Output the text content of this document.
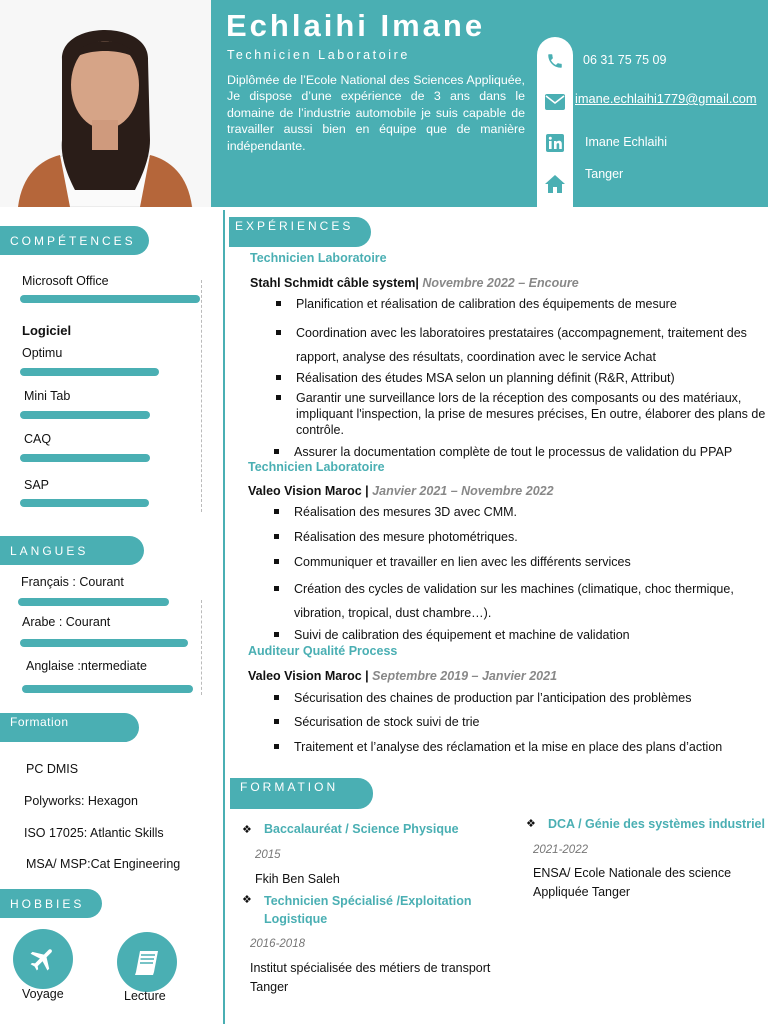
Echlaihi Imane
Technicien Laboratoire
Diplômée de l’Ecole National des Sciences Appliquée, Je dispose d’une expérience de 3 ans dans le domaine de l’industrie automobile je suis capable de travailler aussi bien en équipe que de manière indépendante.
06 31 75 75 09
imane.echlaihi1779@gmail.com
Imane Echlaihi
Tanger
COMPÉTENCES
Microsoft Office
Logiciel
Optimu
Mini Tab
CAQ
SAP
LANGUES
Français : Courant
Arabe : Courant
Anglaise :ntermediate
Formation
PC DMIS
Polyworks: Hexagon
ISO 17025: Atlantic Skills
MSA/ MSP:Cat Engineering
HOBBIES
Voyage	Lecture
EXPÉRIENCES
Technicien Laboratoire
Stahl Schmidt câble system| Novembre 2022 – Encoure
Planification et réalisation de calibration des équipements de mesure
Coordination avec les laboratoires prestataires (accompagnement, traitement des rapport, analyse des résultats, coordination avec le service Achat
Réalisation des études MSA selon un planning définit (R&R, Attribut)
Garantir une surveillance lors de la réception des composants ou des matériaux, impliquant l'inspection, la prise de mesures précises, En outre, élaborer des plans de contrôle.
Assurer la documentation complète de tout le processus de validation du PPAP
Technicien Laboratoire
Valeo Vision Maroc | Janvier 2021 – Novembre 2022
Réalisation des mesures 3D avec CMM.
Réalisation des mesure photométriques.
Communiquer et travailler en lien avec les différents services
Création des cycles de validation sur les machines (climatique, choc thermique, vibration, tropical, dust chambre…).
Suivi de calibration des équipement et machine de validation
Auditeur Qualité Process
Valeo Vision Maroc | Septembre 2019 – Janvier 2021
Sécurisation des chaines de production par l’anticipation des problèmes
Sécurisation de stock suivi de trie
Traitement et l’analyse des réclamation et la mise en place des plans d’action
FORMATION
❖ Baccalauréat / Science Physique
2015
Fkih Ben Saleh
❖ Technicien Spécialisé /Exploitation Logistique
2016-2018
Institut spécialisée des métiers de transport Tanger
❖ DCA / Génie des systèmes industriel
2021-2022
ENSA/ Ecole Nationale des science Appliquée Tanger
